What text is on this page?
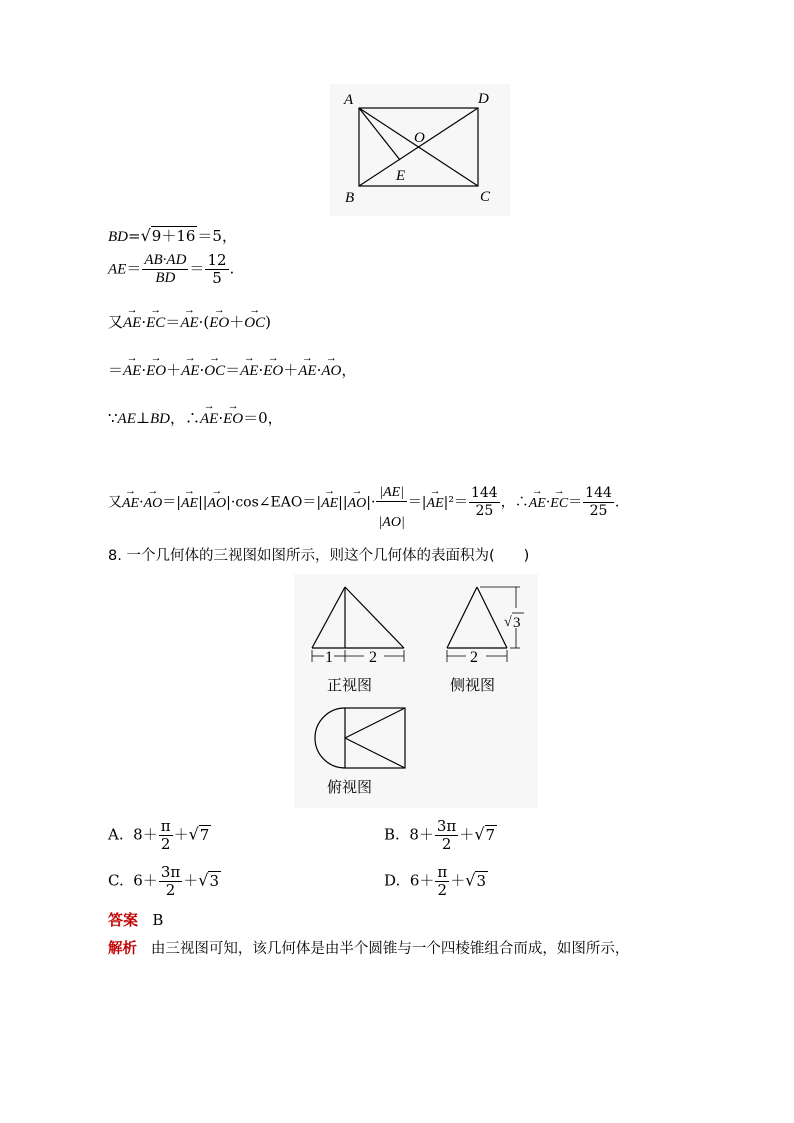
A	D
O
E
B	C
BD=√9＋16 ＝5，
$AE= \frac{AB\cdot AD}{BD} = \frac{12}{5}$ .
又→ AE·→ EC＝→ AE·(→ EO＋→ OC)
＝→ AE·→ EO＋→ AE·→ OC＝→ AE·→ EO＋→ AE·→ AO，
∵AE⊥BD，∴→ AE·→ EO＝0，
又→ AE·→ AO＝|→ AE||→ AO|·cos∠EAO＝|→ $AE||\to AO|\cdot \frac{|AE|}{|AO|}$ ＝|→ $AE|^2= \frac{144}{25}$ ，∴→ $AE\cdot\to EC= \frac{144}{25}$ .
8. 一个几何体的三视图如图所示，则这个几何体的表面积为(　　)
1 2	2
√ 3
正视图	侧视图
俯视图
A. $8+ \frac{\pi}{2} +√7$	B. $8+ \frac{3\pi}{2} +√7$
C. $6+ \frac{3\pi}{2} +√3$	D. $6+ \frac{\pi}{2} +√3$
答案 B
解析 由三视图可知，该几何体是由半个圆锥与一个四棱锥组合而成，如图所示，
